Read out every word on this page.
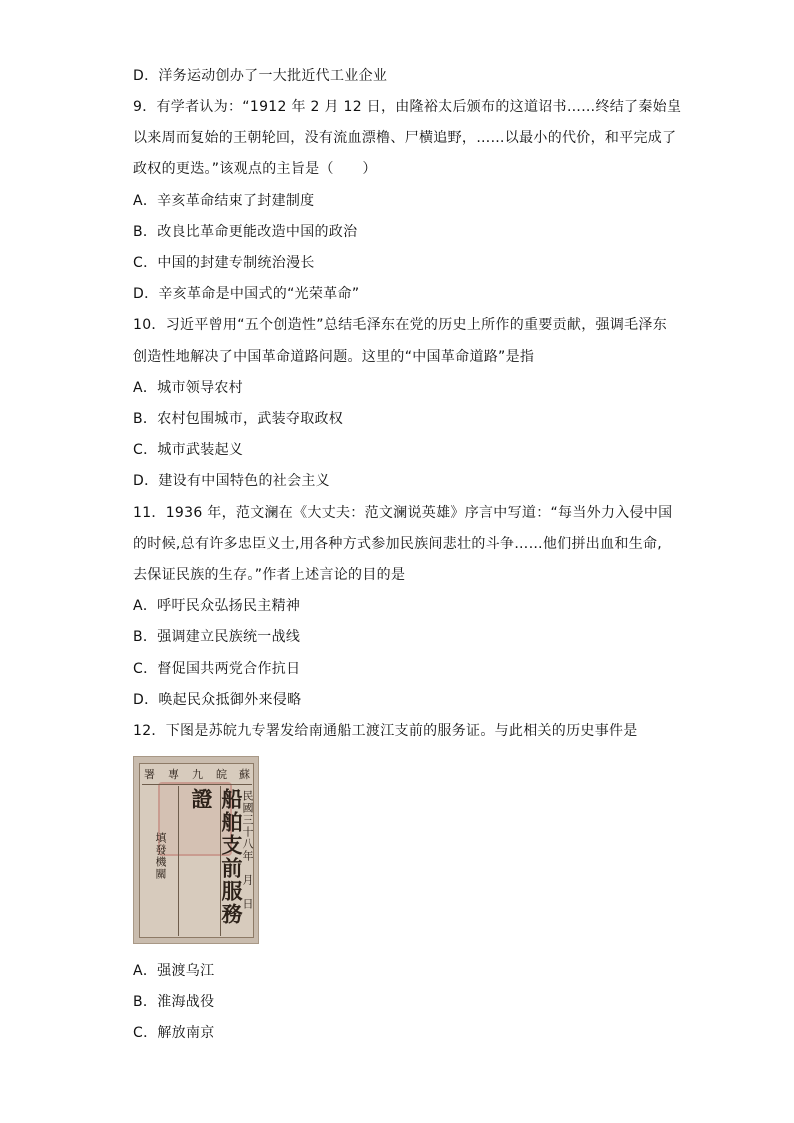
D．洋务运动创办了一大批近代工业企业
9．有学者认为：“1912 年 2 月 12 日，由隆裕太后颁布的这道诏书……终结了秦始皇
以来周而复始的王朝轮回，没有流血漂橹、尸横追野，……以最小的代价，和平完成了
政权的更迭。”该观点的主旨是（　　）
A．辛亥革命结束了封建制度
B．改良比革命更能改造中国的政治
C．中国的封建专制统治漫长
D．辛亥革命是中国式的“光荣革命”
10．习近平曾用“五个创造性”总结毛泽东在党的历史上所作的重要贡献，强调毛泽东
创造性地解决了中国革命道路问题。这里的“中国革命道路”是指
A．城市领导农村
B．农村包围城市，武装夺取政权
C．城市武装起义
D．建设有中国特色的社会主义
11．1936 年，范文澜在《大丈夫：范文澜说英雄》序言中写道：“每当外力入侵中国
的时候,总有许多忠臣义士,用各种方式参加民族间悲壮的斗争……他们拼出血和生命,
去保证民族的生存。”作者上述言论的目的是
A．呼吁民众弘扬民主精神
B．强调建立民族统一战线
C．督促国共两党合作抗日
D．唤起民众抵御外来侵略
12．下图是苏皖九专署发给南通船工渡江支前的服务证。与此相关的历史事件是
署 專 九 皖 蘇
民國三十八年　月　日
船舶支前服務證
填發機關
A．强渡乌江
B．淮海战役
C．解放南京
